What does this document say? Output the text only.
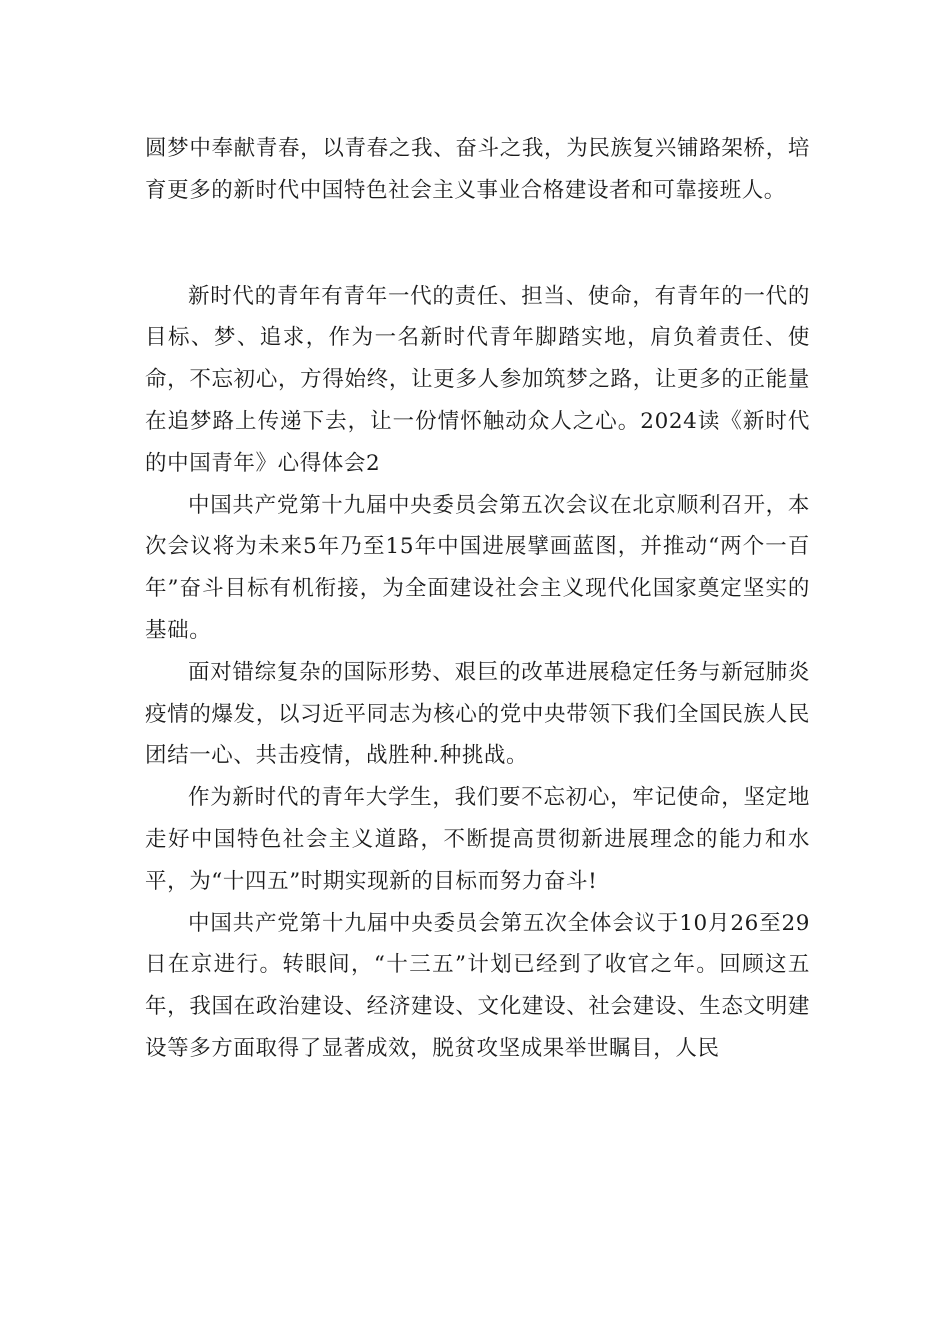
圆梦中奉献青春，以青春之我、奋斗之我，为民族复兴铺路架桥，培育更多的新时代中国特色社会主义事业合格建设者和可靠接班人。

新时代的青年有青年一代的责任、担当、使命，有青年的一代的目标、梦、追求，作为一名新时代青年脚踏实地，肩负着责任、使命，不忘初心，方得始终，让更多人参加筑梦之路，让更多的正能量在追梦路上传递下去，让一份情怀触动众人之心。2024读《新时代的中国青年》心得体会2

中国共产党第十九届中央委员会第五次会议在北京顺利召开，本次会议将为未来5年乃至15年中国进展擘画蓝图，并推动“两个一百年”奋斗目标有机衔接，为全面建设社会主义现代化国家奠定坚实的基础。

面对错综复杂的国际形势、艰巨的改革进展稳定任务与新冠肺炎疫情的爆发，以习近平同志为核心的党中央带领下我们全国民族人民团结一心、共击疫情，战胜种.种挑战。

作为新时代的青年大学生，我们要不忘初心，牢记使命，坚定地走好中国特色社会主义道路，不断提高贯彻新进展理念的能力和水平，为“十四五”时期实现新的目标而努力奋斗!

中国共产党第十九届中央委员会第五次全体会议于10月26至29日在京进行。转眼间，“十三五”计划已经到了收官之年。回顾这五年，我国在政治建设、经济建设、文化建设、社会建设、生态文明建设等多方面取得了显著成效，脱贫攻坚成果举世瞩目，人民
